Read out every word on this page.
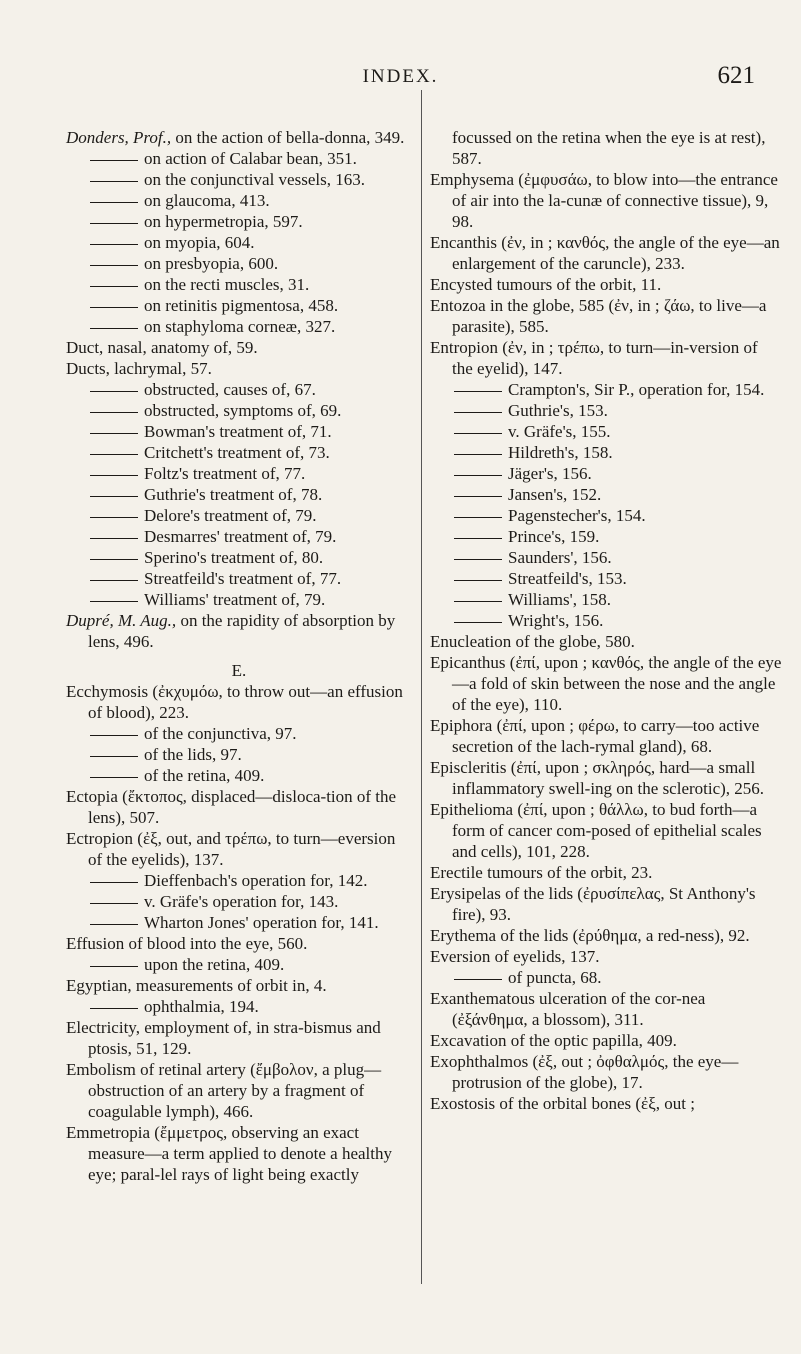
INDEX.	621

Donders, Prof., on the action of bella-donna, 349.

on action of Calabar bean, 351.

on the conjunctival vessels, 163.

on glaucoma, 413.

on hypermetropia, 597.

on myopia, 604.

on presbyopia, 600.

on the recti muscles, 31.

on retinitis pigmentosa, 458.

on staphyloma corneæ, 327.

Duct, nasal, anatomy of, 59.

Ducts, lachrymal, 57.

obstructed, causes of, 67.

obstructed, symptoms of, 69.

Bowman's treatment of, 71.

Critchett's treatment of, 73.

Foltz's treatment of, 77.

Guthrie's treatment of, 78.

Delore's treatment of, 79.

Desmarres' treatment of, 79.

Sperino's treatment of, 80.

Streatfeild's treatment of, 77.

Williams' treatment of, 79.

Dupré, M. Aug., on the rapidity of absorption by lens, 496.

E.

Ecchymosis (ἐκχυμόω, to throw out—an effusion of blood), 223.

of the conjunctiva, 97.

of the lids, 97.

of the retina, 409.

Ectopia (ἔκτοπος, displaced—disloca-tion of the lens), 507.

Ectropion (ἐξ, out, and τρέπω, to turn—eversion of the eyelids), 137.

Dieffenbach's operation for, 142.

v. Gräfe's operation for, 143.

Wharton Jones' operation for, 141.

Effusion of blood into the eye, 560.

upon the retina, 409.

Egyptian, measurements of orbit in, 4.

ophthalmia, 194.

Electricity, employment of, in stra-bismus and ptosis, 51, 129.

Embolism of retinal artery (ἔμβολον, a plug—obstruction of an artery by a fragment of coagulable lymph), 466.

Emmetropia (ἔμμετρος, observing an exact measure—a term applied to denote a healthy eye; paral-lel rays of light being exactly

focussed on the retina when the eye is at rest), 587.

Emphysema (ἐμφυσάω, to blow into—the entrance of air into the la-cunæ of connective tissue), 9, 98.

Encanthis (ἐν, in ; κανθός, the angle of the eye—an enlargement of the caruncle), 233.

Encysted tumours of the orbit, 11.

Entozoa in the globe, 585 (ἐν, in ; ζάω, to live—a parasite), 585.

Entropion (ἐν, in ; τρέπω, to turn—in-version of the eyelid), 147.

Crampton's, Sir P., operation for, 154.

Guthrie's, 153.

v. Gräfe's, 155.

Hildreth's, 158.

Jäger's, 156.

Jansen's, 152.

Pagenstecher's, 154.

Prince's, 159.

Saunders', 156.

Streatfeild's, 153.

Williams', 158.

Wright's, 156.

Enucleation of the globe, 580.

Epicanthus (ἐπί, upon ; κανθός, the angle of the eye—a fold of skin between the nose and the angle of the eye), 110.

Epiphora (ἐπί, upon ; φέρω, to carry—too active secretion of the lach-rymal gland), 68.

Episcleritis (ἐπί, upon ; σκληρός, hard—a small inflammatory swell-ing on the sclerotic), 256.

Epithelioma (ἐπί, upon ; θάλλω, to bud forth—a form of cancer com-posed of epithelial scales and cells), 101, 228.

Erectile tumours of the orbit, 23.

Erysipelas of the lids (ἐρυσίπελας, St Anthony's fire), 93.

Erythema of the lids (ἐρύθημα, a red-ness), 92.

Eversion of eyelids, 137.

of puncta, 68.

Exanthematous ulceration of the cor-nea (ἐξάνθημα, a blossom), 311.

Excavation of the optic papilla, 409.

Exophthalmos (ἐξ, out ; ὀφθαλμός, the eye—protrusion of the globe), 17.

Exostosis of the orbital bones (ἐξ, out ;
